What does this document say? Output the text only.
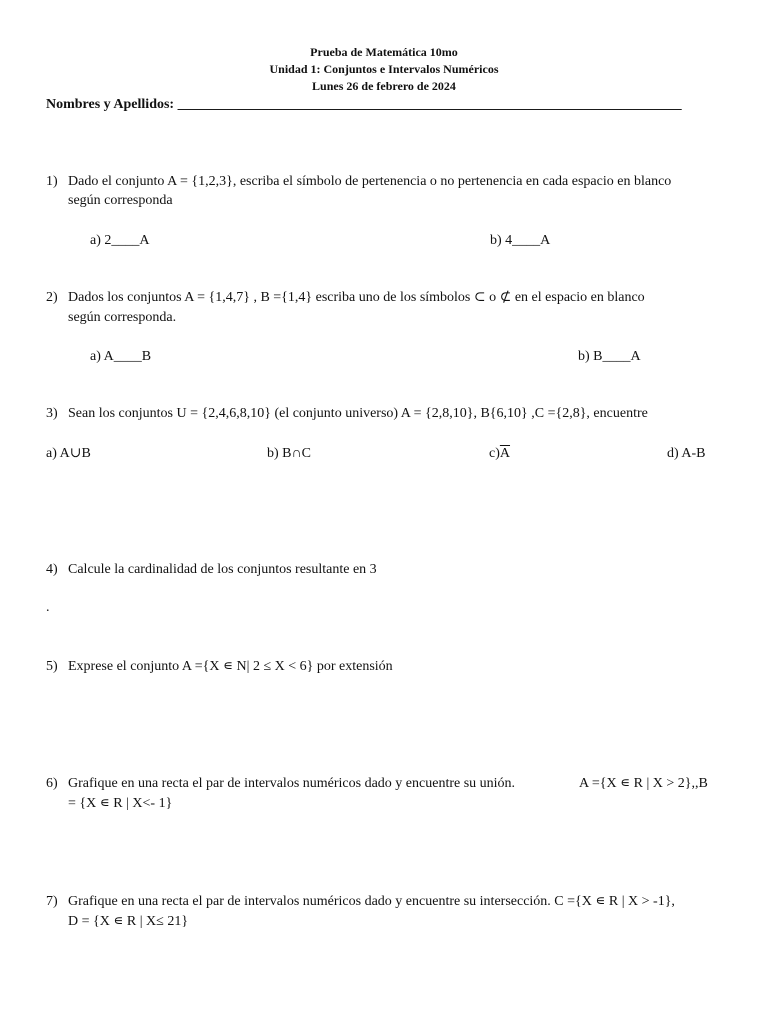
Prueba de Matemática 10mo
Unidad 1: Conjuntos e Intervalos Numéricos
Lunes 26 de febrero de 2024
Nombres y Apellidos: ________________________________________________________________________
1) Dado el conjunto A = {1,2,3}, escriba el símbolo de pertenencia o no pertenencia en cada espacio en blanco
según corresponda
a) 2____A	b) 4____A
2) Dados los conjuntos A = {1,4,7} , B ={1,4} escriba uno de los símbolos ⊂ o ⊄ en el espacio en blanco
según corresponda.
a) A____B	b) B____A
3) Sean los conjuntos U = {2,4,6,8,10} (el conjunto universo) A = {2,8,10}, B{6,10} ,C ={2,8}, encuentre
a) A∪B	b) B∩C	$c)\overline{A}$	d) A-B
4) Calcule la cardinalidad de los conjuntos resultante en 3
.
5) Exprese el conjunto A ={X ∊ N| 2 ≤ X < 6} por extensión
6) Grafique en una recta el par de intervalos numéricos dado y encuentre su unión.	A ={X ∊ R | X > 2},,B
= {X ∊ R | X<- 1}
7) Grafique en una recta el par de intervalos numéricos dado y encuentre su intersección. C ={X ∊ R | X > -1},
D = {X ∊ R | X≤ 21}
